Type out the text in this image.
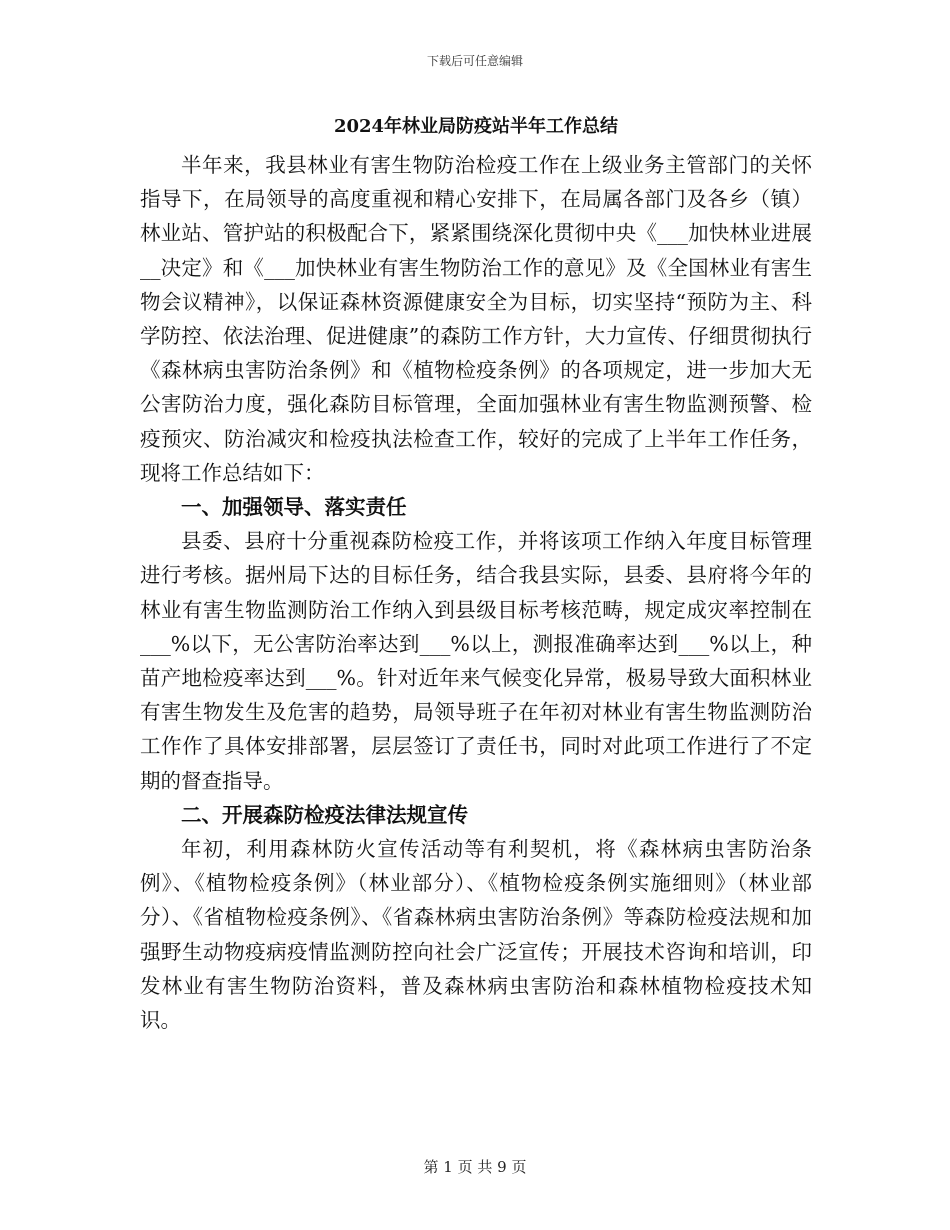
下载后可任意编辑
2024年林业局防疫站半年工作总结

半年来，我县林业有害生物防治检疫工作在上级业务主管部门的关怀指导下，在局领导的高度重视和精心安排下，在局属各部门及各乡（镇）林业站、管护站的积极配合下，紧紧围绕深化贯彻中央《___加快林业进展__决定》和《___加快林业有害生物防治工作的意见》及《全国林业有害生物会议精神》，以保证森林资源健康安全为目标，切实坚持“预防为主、科学防控、依法治理、促进健康”的森防工作方针，大力宣传、仔细贯彻执行《森林病虫害防治条例》和《植物检疫条例》的各项规定，进一步加大无公害防治力度，强化森防目标管理，全面加强林业有害生物监测预警、检疫预灾、防治减灾和检疫执法检查工作，较好的完成了上半年工作任务，现将工作总结如下：

一、加强领导、落实责任

县委、县府十分重视森防检疫工作，并将该项工作纳入年度目标管理进行考核。据州局下达的目标任务，结合我县实际，县委、县府将今年的林业有害生物监测防治工作纳入到县级目标考核范畴，规定成灾率控制在___%以下，无公害防治率达到___%以上，测报准确率达到___%以上，种苗产地检疫率达到___%。针对近年来气候变化异常，极易导致大面积林业有害生物发生及危害的趋势，局领导班子在年初对林业有害生物监测防治工作作了具体安排部署，层层签订了责任书，同时对此项工作进行了不定期的督查指导。

二、开展森防检疫法律法规宣传

年初，利用森林防火宣传活动等有利契机，将《森林病虫害防治条例》、《植物检疫条例》（林业部分）、《植物检疫条例实施细则》（林业部分）、《省植物检疫条例》、《省森林病虫害防治条例》等森防检疫法规和加强野生动物疫病疫情监测防控向社会广泛宣传；开展技术咨询和培训，印发林业有害生物防治资料，普及森林病虫害防治和森林植物检疫技术知识。

第 1 页 共 9 页
